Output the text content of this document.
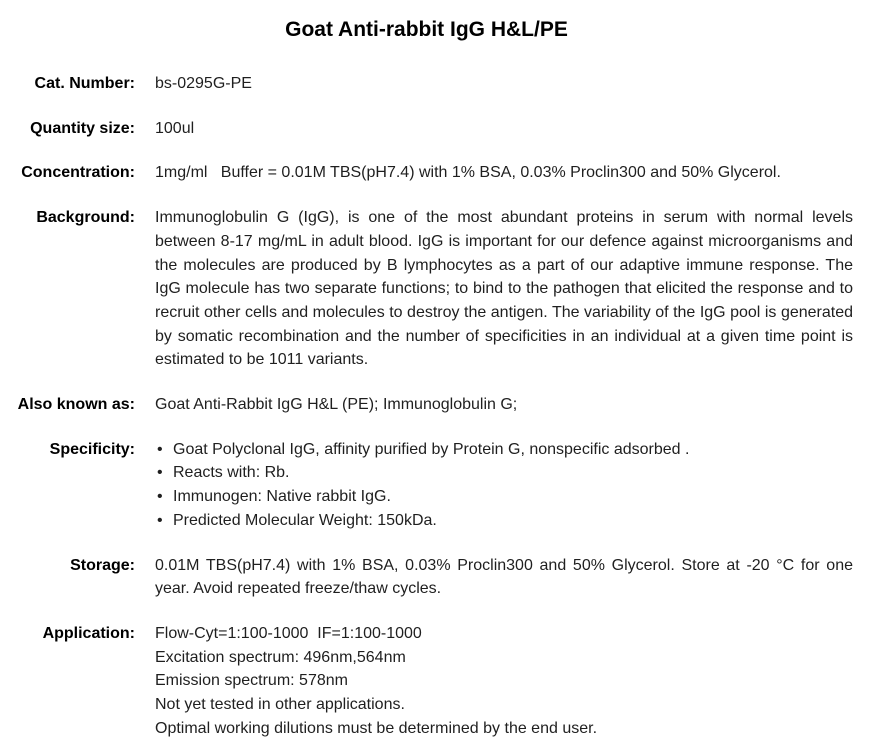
Goat Anti-rabbit IgG H&L/PE
Cat. Number: bs-0295G-PE
Quantity size: 100ul
Concentration: 1mg/ml   Buffer = 0.01M TBS(pH7.4) with 1% BSA, 0.03% Proclin300 and 50% Glycerol.
Background: Immunoglobulin G (IgG), is one of the most abundant proteins in serum with normal levels between 8-17 mg/mL in adult blood. IgG is important for our defence against microorganisms and the molecules are produced by B lymphocytes as a part of our adaptive immune response. The IgG molecule has two separate functions; to bind to the pathogen that elicited the response and to recruit other cells and molecules to destroy the antigen. The variability of the IgG pool is generated by somatic recombination and the number of specificities in an individual at a given time point is estimated to be 1011 variants.
Also known as: Goat Anti-Rabbit IgG H&L (PE); Immunoglobulin G;
Specificity:	• Goat Polyclonal IgG, affinity purified by Protein G, nonspecific adsorbed .
• Reacts with: Rb.
• Immunogen: Native rabbit IgG.
• Predicted Molecular Weight: 150kDa.
Storage: 0.01M TBS(pH7.4) with 1% BSA, 0.03% Proclin300 and 50% Glycerol. Store at -20 °C for one year. Avoid repeated freeze/thaw cycles.
Application: Flow-Cyt=1:100-1000  IF=1:100-1000
Excitation spectrum: 496nm,564nm
Emission spectrum: 578nm
Not yet tested in other applications.
Optimal working dilutions must be determined by the end user.
